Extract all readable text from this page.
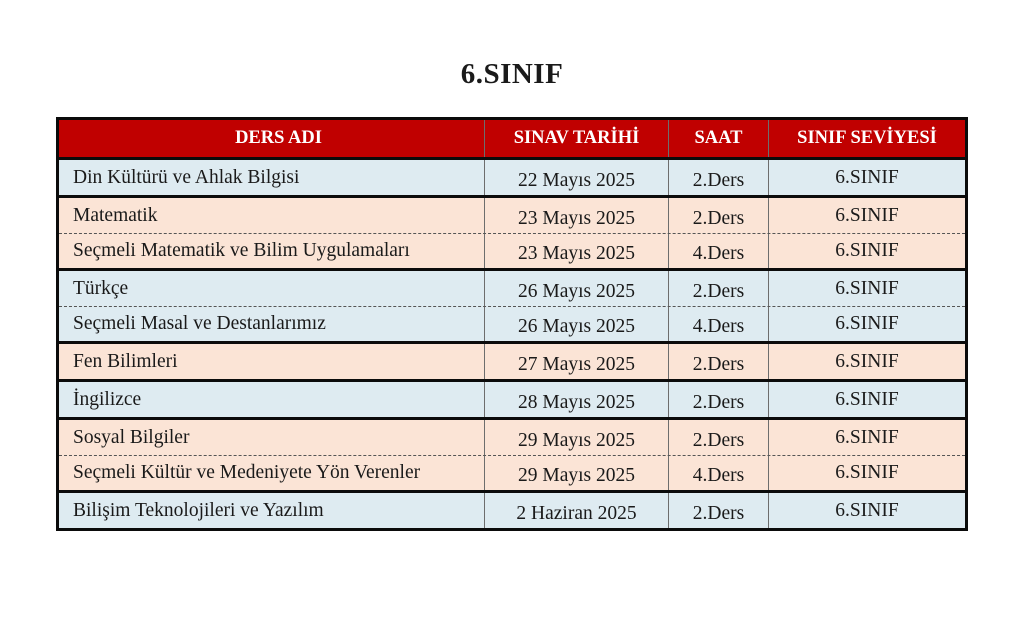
6.SINIF
DERS ADI	SINAV TARİHİ	SAAT	SINIF SEVİYESİ
Din Kültürü ve Ahlak Bilgisi	22 Mayıs 2025	2.Ders	6.SINIF
Matematik	23 Mayıs 2025	2.Ders	6.SINIF
Seçmeli Matematik ve Bilim Uygulamaları	23 Mayıs 2025	4.Ders	6.SINIF
Türkçe	26 Mayıs 2025	2.Ders	6.SINIF
Seçmeli Masal ve Destanlarımız	26 Mayıs 2025	4.Ders	6.SINIF
Fen Bilimleri	27 Mayıs 2025	2.Ders	6.SINIF
İngilizce	28 Mayıs 2025	2.Ders	6.SINIF
Sosyal Bilgiler	29 Mayıs 2025	2.Ders	6.SINIF
Seçmeli Kültür ve Medeniyete Yön Verenler	29 Mayıs 2025	4.Ders	6.SINIF
Bilişim Teknolojileri ve Yazılım	2 Haziran 2025	2.Ders	6.SINIF
